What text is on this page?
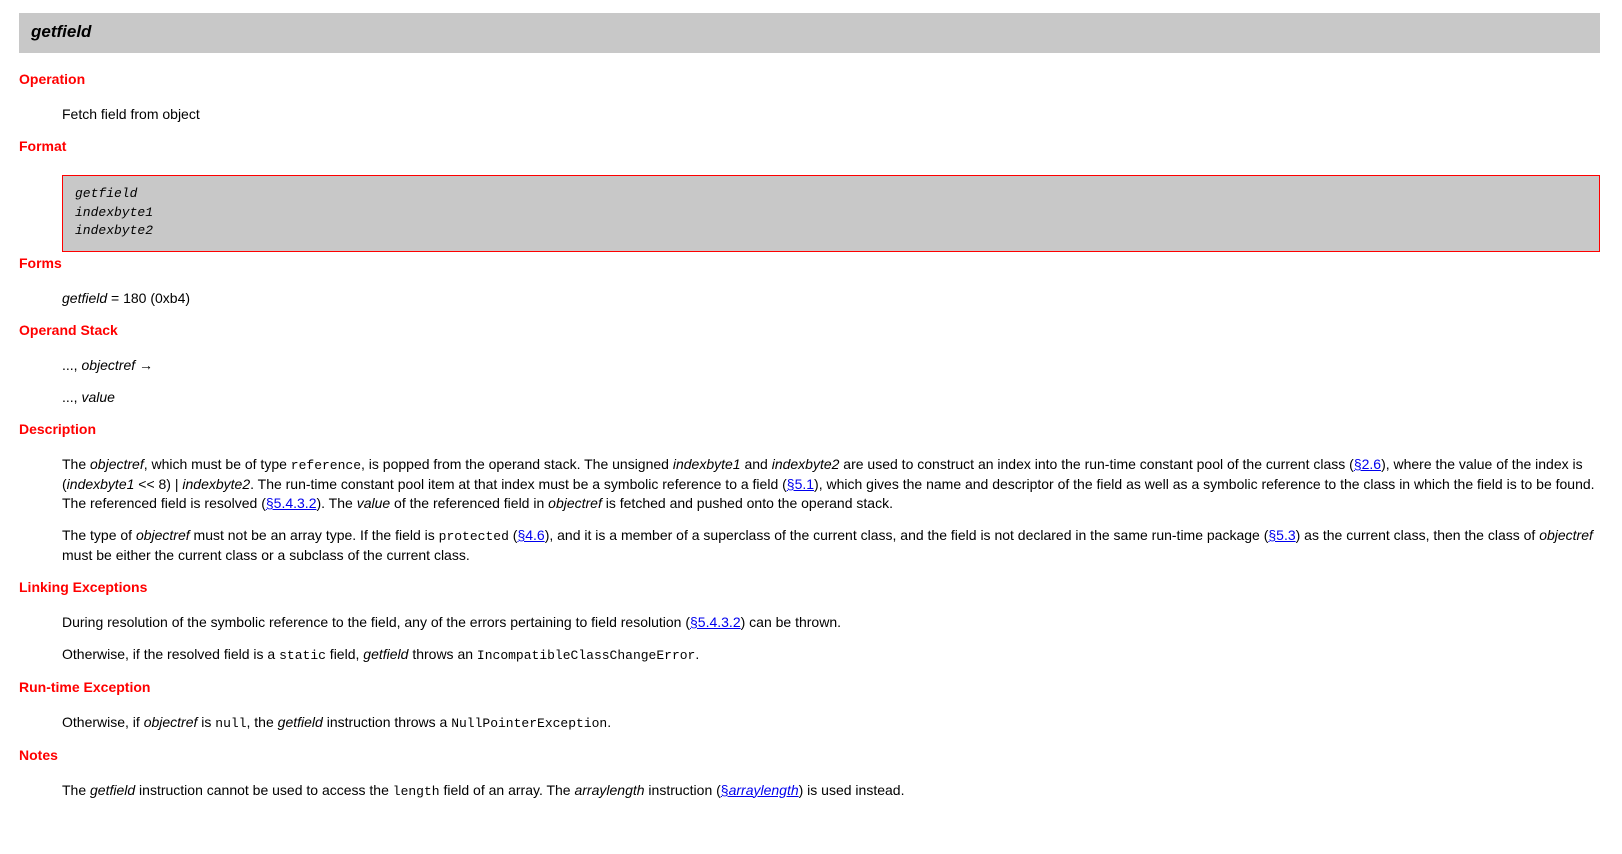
getfield
Operation

Fetch field from object

Format
getfield
indexbyte1
indexbyte2
Forms

getfield = 180 (0xb4)

Operand Stack

..., objectref →

..., value

Description

The objectref, which must be of type reference, is popped from the operand stack. The unsigned indexbyte1 and indexbyte2 are used to construct an index into the run-time constant pool of the current class (§2.6), where the value of the index is (indexbyte1 << 8) | indexbyte2. The run-time constant pool item at that index must be a symbolic reference to a field (§5.1), which gives the name and descriptor of the field as well as a symbolic reference to the class in which the field is to be found. The referenced field is resolved (§5.4.3.2). The value of the referenced field in objectref is fetched and pushed onto the operand stack.

The type of objectref must not be an array type. If the field is protected (§4.6), and it is a member of a superclass of the current class, and the field is not declared in the same run-time package (§5.3) as the current class, then the class of objectref must be either the current class or a subclass of the current class.

Linking Exceptions

During resolution of the symbolic reference to the field, any of the errors pertaining to field resolution (§5.4.3.2) can be thrown.

Otherwise, if the resolved field is a static field, getfield throws an IncompatibleClassChangeError.

Run-time Exception

Otherwise, if objectref is null, the getfield instruction throws a NullPointerException.

Notes

The getfield instruction cannot be used to access the length field of an array. The arraylength instruction (§arraylength) is used instead.
